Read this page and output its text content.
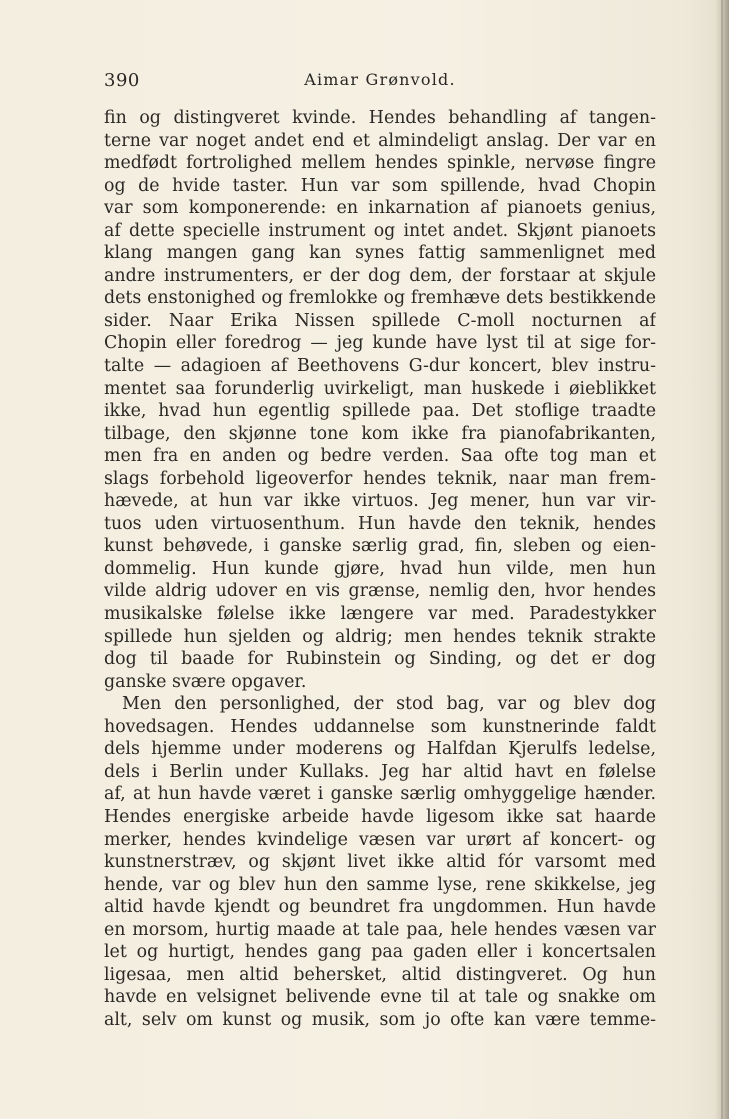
390	Aimar Grønvold.
fin og distingveret kvinde. Hendes behandling af tangen-
terne var noget andet end et almindeligt anslag. Der var en
medfødt fortrolighed mellem hendes spinkle, nervøse fingre
og de hvide taster. Hun var som spillende, hvad Chopin
var som komponerende: en inkarnation af pianoets genius,
af dette specielle instrument og intet andet. Skjønt pianoets
klang mangen gang kan synes fattig sammenlignet med
andre instrumenters, er der dog dem, der forstaar at skjule
dets enstonighed og fremlokke og fremhæve dets bestikkende
sider. Naar Erika Nissen spillede C-moll nocturnen af
Chopin eller foredrog — jeg kunde have lyst til at sige for-
talte — adagioen af Beethovens G-dur koncert, blev instru-
mentet saa forunderlig uvirkeligt, man huskede i øieblikket
ikke, hvad hun egentlig spillede paa. Det stoflige traadte
tilbage, den skjønne tone kom ikke fra pianofabrikanten,
men fra en anden og bedre verden. Saa ofte tog man et
slags forbehold ligeoverfor hendes teknik, naar man frem-
hævede, at hun var ikke virtuos. Jeg mener, hun var vir-
tuos uden virtuosenthum. Hun havde den teknik, hendes
kunst behøvede, i ganske særlig grad, fin, sleben og eien-
dommelig. Hun kunde gjøre, hvad hun vilde, men hun
vilde aldrig udover en vis grænse, nemlig den, hvor hendes
musikalske følelse ikke længere var med. Paradestykker
spillede hun sjelden og aldrig; men hendes teknik strakte
dog til baade for Rubinstein og Sinding, og det er dog
ganske svære opgaver.
Men den personlighed, der stod bag, var og blev dog
hovedsagen. Hendes uddannelse som kunstnerinde faldt
dels hjemme under moderens og Halfdan Kjerulfs ledelse,
dels i Berlin under Kullaks. Jeg har altid havt en følelse
af, at hun havde været i ganske særlig omhyggelige hænder.
Hendes energiske arbeide havde ligesom ikke sat haarde
merker, hendes kvindelige væsen var urørt af koncert- og
kunstnerstræv, og skjønt livet ikke altid fór varsomt med
hende, var og blev hun den samme lyse, rene skikkelse, jeg
altid havde kjendt og beundret fra ungdommen. Hun havde
en morsom, hurtig maade at tale paa, hele hendes væsen var
let og hurtigt, hendes gang paa gaden eller i koncertsalen
ligesaa, men altid behersket, altid distingveret. Og hun
havde en velsignet belivende evne til at tale og snakke om
alt, selv om kunst og musik, som jo ofte kan være temme-
